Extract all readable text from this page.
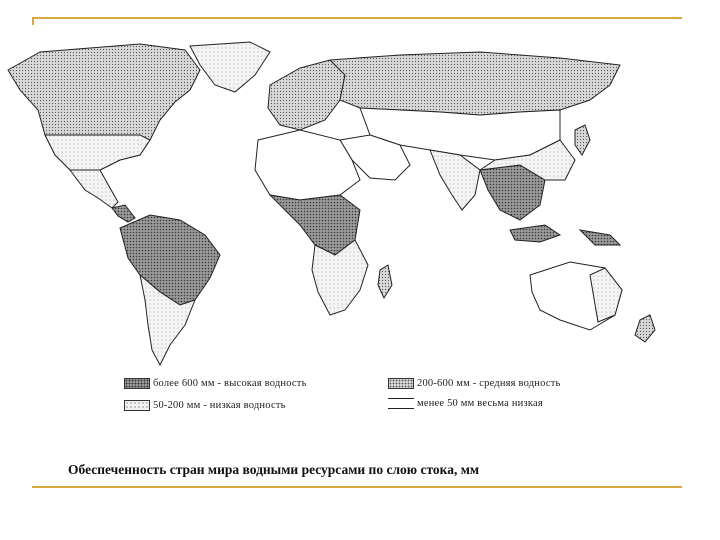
более 600 мм - высокая водность	200-600 мм - средняя водность
50-200 мм - низкая водность	менее 50 мм весьма низкая
Обеспеченность стран мира водными ресурсами по слою стока, мм
